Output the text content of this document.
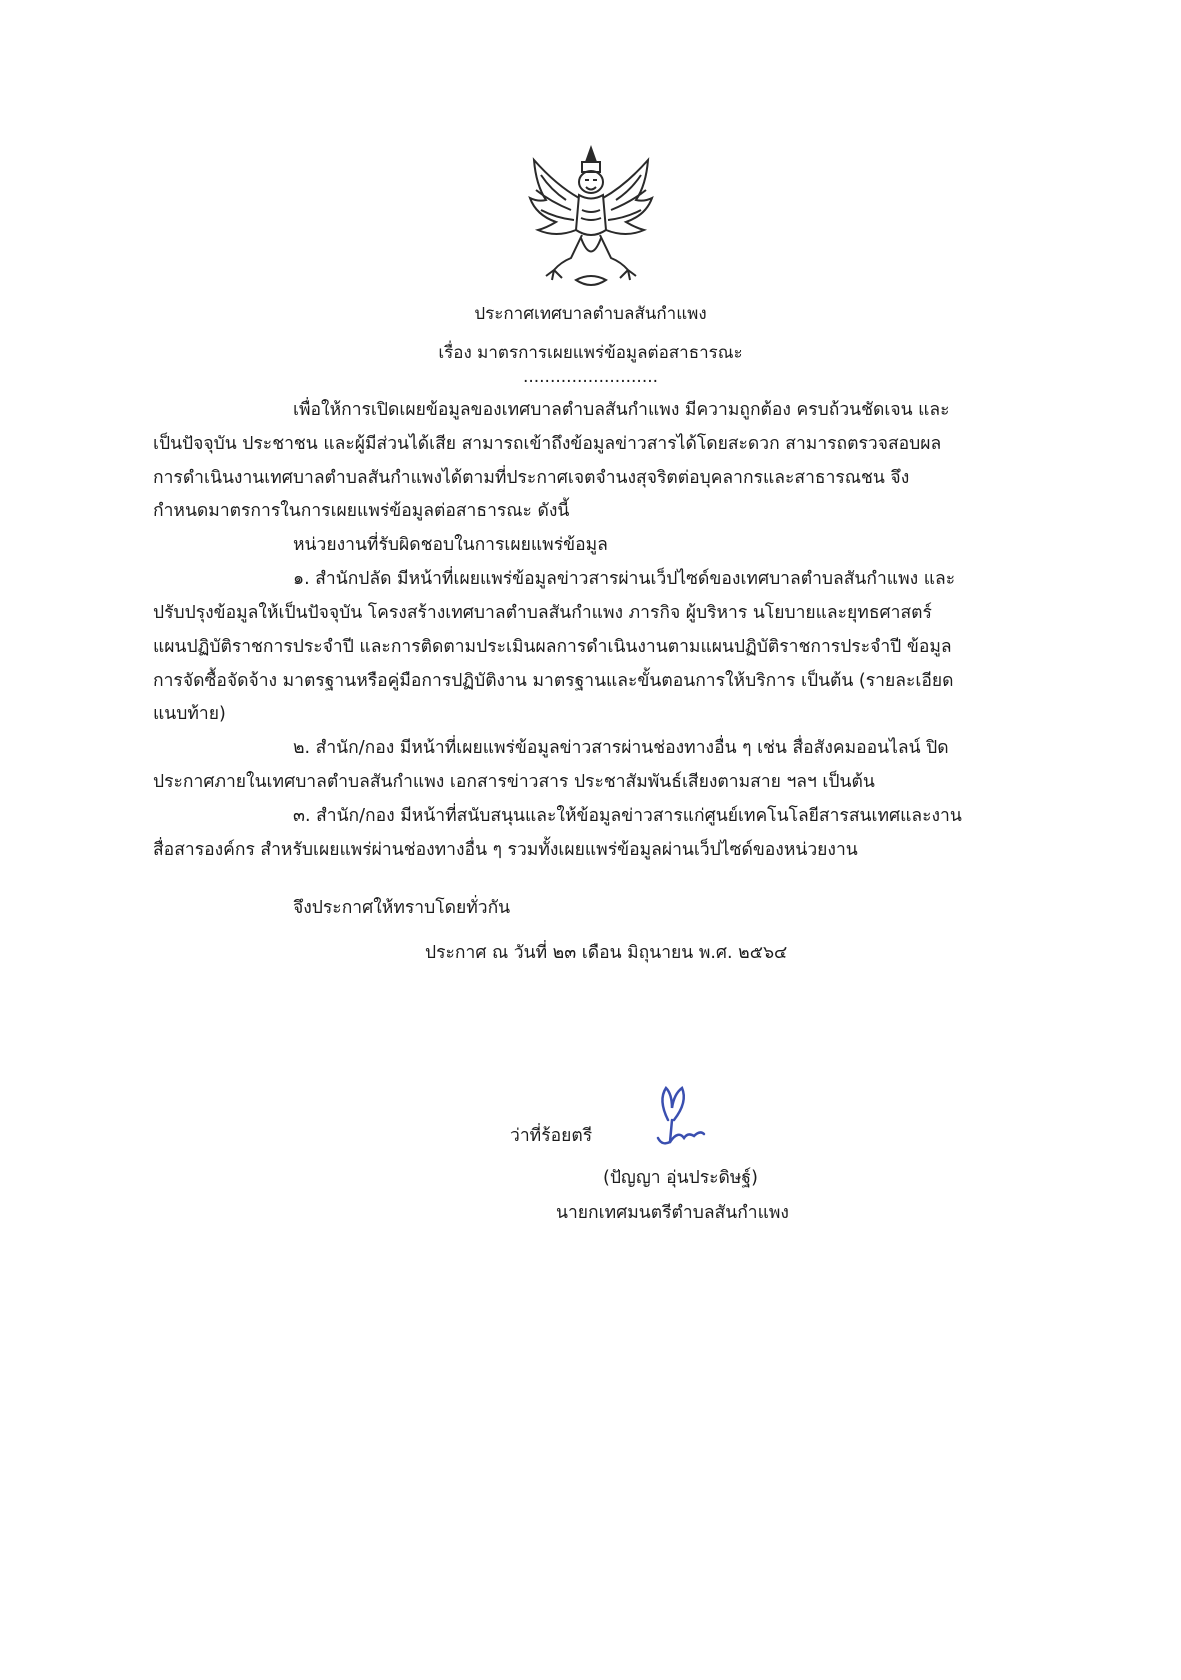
ประกาศเทศบาลตำบลสันกำแพง
เรื่อง มาตรการเผยแพร่ข้อมูลต่อสาธารณะ
.........................
เพื่อให้การเปิดเผยข้อมูลของเทศบาลตำบลสันกำแพง มีความถูกต้อง ครบถ้วนชัดเจน และ
เป็นปัจจุบัน ประชาชน และผู้มีส่วนได้เสีย สามารถเข้าถึงข้อมูลข่าวสารได้โดยสะดวก สามารถตรวจสอบผล
การดำเนินงานเทศบาลตำบลสันกำแพงได้ตามที่ประกาศเจตจำนงสุจริตต่อบุคลากรและสาธารณชน จึง
กำหนดมาตรการในการเผยแพร่ข้อมูลต่อสาธารณะ ดังนี้
หน่วยงานที่รับผิดชอบในการเผยแพร่ข้อมูล
๑. สำนักปลัด มีหน้าที่เผยแพร่ข้อมูลข่าวสารผ่านเว็ปไซด์ของเทศบาลตำบลสันกำแพง และ
ปรับปรุงข้อมูลให้เป็นปัจจุบัน โครงสร้างเทศบาลตำบลสันกำแพง ภารกิจ ผู้บริหาร นโยบายและยุทธศาสตร์
แผนปฏิบัติราชการประจำปี และการติดตามประเมินผลการดำเนินงานตามแผนปฏิบัติราชการประจำปี ข้อมูล
การจัดซื้อจัดจ้าง มาตรฐานหรือคู่มือการปฏิบัติงาน มาตรฐานและขั้นตอนการให้บริการ เป็นต้น (รายละเอียด
แนบท้าย)
๒. สำนัก/กอง มีหน้าที่เผยแพร่ข้อมูลข่าวสารผ่านช่องทางอื่น ๆ เช่น สื่อสังคมออนไลน์ ปิด
ประกาศภายในเทศบาลตำบลสันกำแพง เอกสารข่าวสาร ประชาสัมพันธ์เสียงตามสาย ฯลฯ เป็นต้น
๓. สำนัก/กอง มีหน้าที่สนับสนุนและให้ข้อมูลข่าวสารแก่ศูนย์เทคโนโลยีสารสนเทศและงาน
สื่อสารองค์กร สำหรับเผยแพร่ผ่านช่องทางอื่น ๆ รวมทั้งเผยแพร่ข้อมูลผ่านเว็ปไซด์ของหน่วยงาน
จึงประกาศให้ทราบโดยทั่วกัน
ประกาศ ณ วันที่ ๒๓ เดือน มิถุนายน พ.ศ. ๒๕๖๔
ว่าที่ร้อยตรี
(ปัญญา อุ่นประดิษฐ์)
นายกเทศมนตรีตำบลสันกำแพง
